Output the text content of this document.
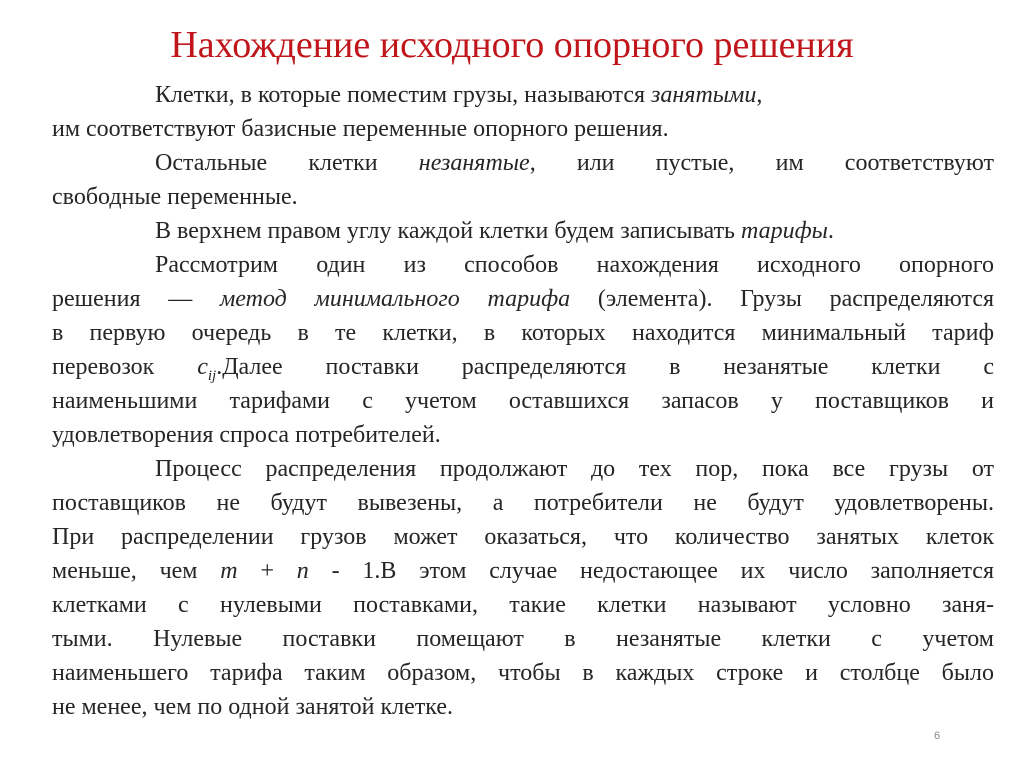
Нахождение исходного опорного решения

Клетки, в которые поместим грузы, называются занятыми,

им соответствуют базисные переменные опорного решения.

Остальные клетки незанятые, или пустые, им соответствуют

свободные переменные.

В верхнем правом углу каждой клетки будем записывать тарифы.

Рассмотрим один из способов нахождения исходного опорного

решения — метод минимального тарифа (элемента). Грузы распределяются

в первую очередь в те клетки, в которых находится минимальный тариф

перевозок $c_{ij}.Далее$ поставки распределяются в незанятые клетки с

наименьшими тарифами с учетом оставшихся запасов у поставщиков и

удовлетворения спроса потребителей.

Процесс распределения продолжают до тех пор, пока все грузы от

поставщиков не будут вывезены, а потребители не будут удовлетворены.

При распределении грузов может оказаться, что количество занятых клеток

меньше, чем m + n - 1.В этом случае недостающее их число заполняется

клетками с нулевыми поставками, такие клетки называют условно заня-

тыми. Нулевые поставки помещают в незанятые клетки с учетом

наименьшего тарифа таким образом, чтобы в каждых строке и столбце было

не менее, чем по одной занятой клетке.

6
